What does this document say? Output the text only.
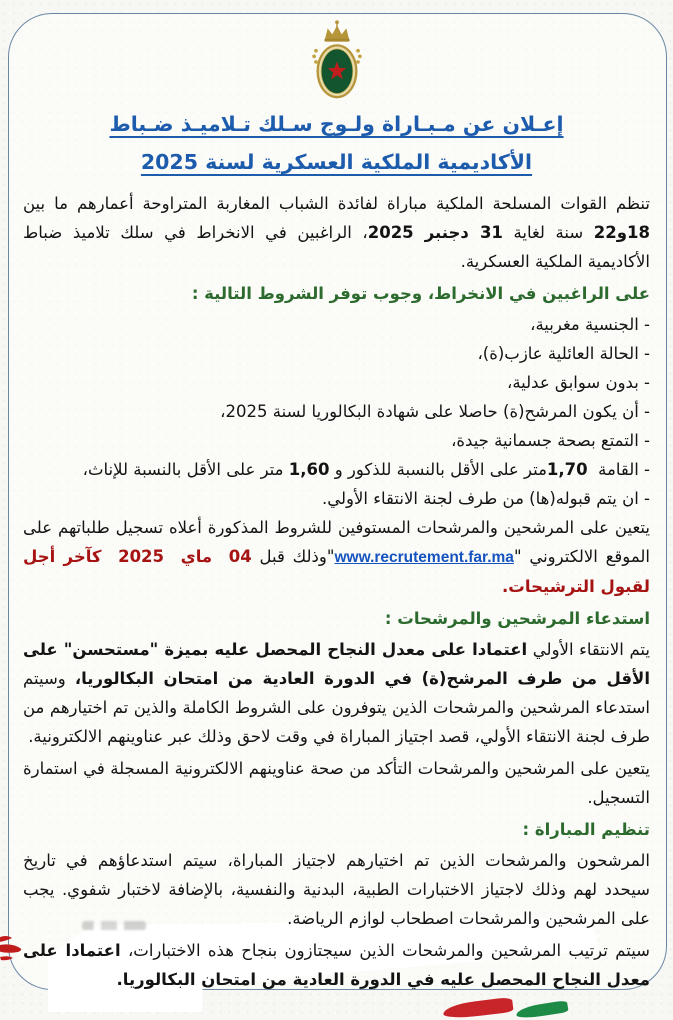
إعـلان عن مـبـاراة ولـوج سـلك تـلاميـذ ضـباط
الأكاديمية الملكية العسكرية لسنة 2025

تنظم القوات المسلحة الملكية مباراة لفائدة الشباب المغاربة المتراوحة أعمارهم ما بين 18و22 سنة لغاية 31 دجنبر 2025، الراغبين في الانخراط في سلك تلاميذ ضباط الأكاديمية الملكية العسكرية.

على الراغبين في الانخراط، وجوب توفر الشروط التالية :

- الجنسية مغربية،

- الحالة العائلية عازب(ة)،

- بدون سوابق عدلية،

- أن يكون المرشح(ة) حاصلا على شهادة البكالوريا لسنة 2025،

- التمتع بصحة جسمانية جيدة،

- القامة  1,70متر على الأقل بالنسبة للذكور و 1,60 متر على الأقل بالنسبة للإناث،

- ان يتم قبوله(ها) من طرف لجنة الانتقاء الأولي.

يتعين على المرشحين والمرشحات المستوفين للشروط المذكورة أعلاه تسجيل طلباتهم على الموقع الالكتروني "www.recrutement.far.ma"وذلك قبل 04  ماي  2025  كآخر أجل لقبول الترشيحات.

استدعاء المرشحين والمرشحات :

يتم الانتقاء الأولي اعتمادا على معدل النجاح المحصل عليه بميزة "مستحسن" على الأقل من طرف المرشح(ة) في الدورة العادية من امتحان البكالوريا، وسيتم استدعاء المرشحين والمرشحات الذين يتوفرون على الشروط الكاملة والذين تم اختيارهم من طرف لجنة الانتقاء الأولي، قصد اجتياز المباراة في وقت لاحق وذلك عبر عناوينهم الالكترونية.

يتعين على المرشحين والمرشحات التأكد من صحة عناوينهم الالكترونية المسجلة في استمارة التسجيل.

تنظيم المباراة :

المرشحون والمرشحات الذين تم اختيارهم لاجتياز المباراة، سيتم استدعاؤهم في تاريخ سيحدد لهم وذلك لاجتياز الاختبارات الطبية، البدنية والنفسية، بالإضافة لاختبار شفوي. يجب على المرشحين والمرشحات اصطحاب لوازم الرياضة.

سيتم ترتيب المرشحين والمرشحات الذين سيجتازون بنجاح هذه الاختبارات، اعتمادا على معدل النجاح المحصل عليه في الدورة العادية من امتحان البكالوريا.
